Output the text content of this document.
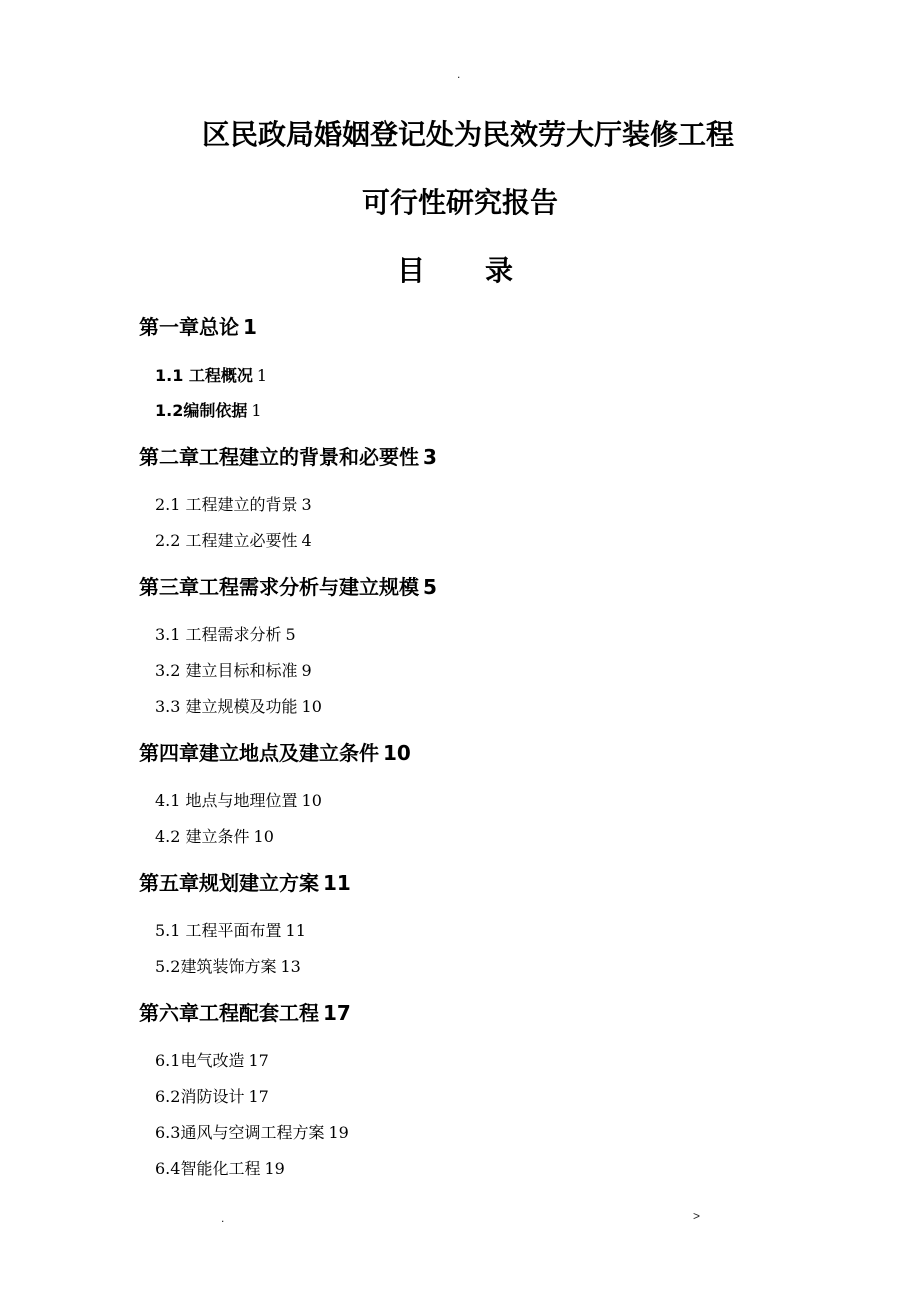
.
区民政局婚姻登记处为民效劳大厅装修工程
可行性研究报告
目录
第一章总论 1
1.1 工程概况 1
1.2编制依据 1
第二章工程建立的背景和必要性 3
2.1 工程建立的背景 3
2.2 工程建立必要性 4
第三章工程需求分析与建立规模 5
3.1 工程需求分析 5
3.2 建立目标和标准 9
3.3 建立规模及功能 10
第四章建立地点及建立条件 10
4.1 地点与地理位置 10
4.2 建立条件 10
第五章规划建立方案 11
5.1 工程平面布置 11
5.2建筑装饰方案 13
第六章工程配套工程 17
6.1电气改造 17
6.2消防设计 17
6.3通风与空调工程方案 19
6.4智能化工程 19
.	>
